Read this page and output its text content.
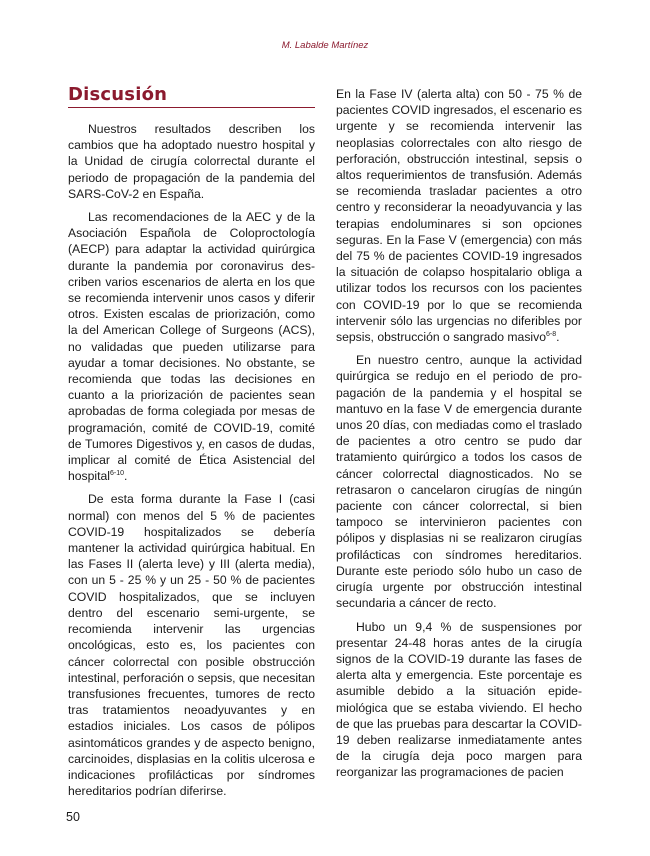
M. Labalde Martínez
Discusión

Nuestros resultados describen los cambios que ha adoptado nuestro hospital y la Unidad de cirugía colorrectal durante el periodo de propagación de la pandemia del SARS-CoV-2 en España.

Las recomendaciones de la AEC y de la Asociación Española de Coloproctología (AECP) para adaptar la actividad quirúrgica durante la pandemia por coronavirus describen varios escenarios de alerta en los que se recomienda intervenir unos casos y diferir otros. Existen escalas de priorización, como la del American College of Surgeons (ACS), no validadas que pueden utilizarse para ayudar a tomar decisiones. No obstante, se recomienda que todas las decisiones en cuanto a la priorización de pacientes sean aprobadas de forma colegiada por mesas de programación, comité de COVID-19, comité de Tumores Digestivos y, en casos de dudas, implicar al comité de Ética Asistencial del hospital$^{6-10}$.

De esta forma durante la Fase I (casi normal) con menos del 5 % de pacientes COVID-19 hospitalizados se debería mantener la actividad quirúrgica habitual. En las Fases II (alerta leve) y III (alerta media), con un 5 - 25 % y un 25 - 50 % de pacientes COVID hospitalizados, que se incluyen dentro del escenario semi-urgente, se recomienda intervenir las urgencias oncológicas, esto es, los pacientes con cáncer colorrectal con posible obstrucción intestinal, perforación o sepsis, que necesitan transfusiones frecuentes, tumores de recto tras tratamientos neoadyuvantes y en estadios iniciales. Los casos de pólipos asintomáticos grandes y de aspecto benigno, carcinoides, displasias en la colitis ulcerosa e indicaciones profilácticas por síndromes hereditarios podrían diferirse.

En la Fase IV (alerta alta) con 50 - 75 % de pacientes COVID ingresados, el escenario es urgente y se recomienda intervenir las neoplasias colorrectales con alto riesgo de perforación, obstrucción intestinal, sepsis o altos requerimientos de transfusión. Además se recomienda trasladar pacientes a otro centro y reconsiderar la neoadyuvancia y las terapias endoluminares si son opciones seguras. En la Fase V (emergencia) con más del 75 % de pacientes COVID-19 ingresados la situación de colapso hospitalario obliga a utilizar todos los recursos con los pacientes con COVID-19 por lo que se recomienda intervenir sólo las urgencias no diferibles por sepsis, obstrucción o sangrado masivo$^{6-8}$.

En nuestro centro, aunque la actividad quirúrgica se redujo en el periodo de propagación de la pandemia y el hospital se mantuvo en la fase V de emergencia durante unos 20 días, con mediadas como el traslado de pacientes a otro centro se pudo dar tratamiento quirúrgico a todos los casos de cáncer colorrectal diagnosticados. No se retrasaron o cancelaron cirugías de ningún paciente con cáncer colorrectal, si bien tampoco se intervinieron pacientes con pólipos y displasias ni se realizaron cirugías profilácticas con síndromes hereditarios. Durante este periodo sólo hubo un caso de cirugía urgente por obstrucción intestinal secundaria a cáncer de recto.

Hubo un 9,4 % de suspensiones por presentar 24-48 horas antes de la cirugía signos de la COVID-19 durante las fases de alerta alta y emergencia. Este porcentaje es asumible debido a la situación epidemiológica que se estaba viviendo. El hecho de que las pruebas para descartar la COVID-19 deben realizarse inmediatamente antes de la cirugía deja poco margen para reorganizar las programaciones de pacien

50
